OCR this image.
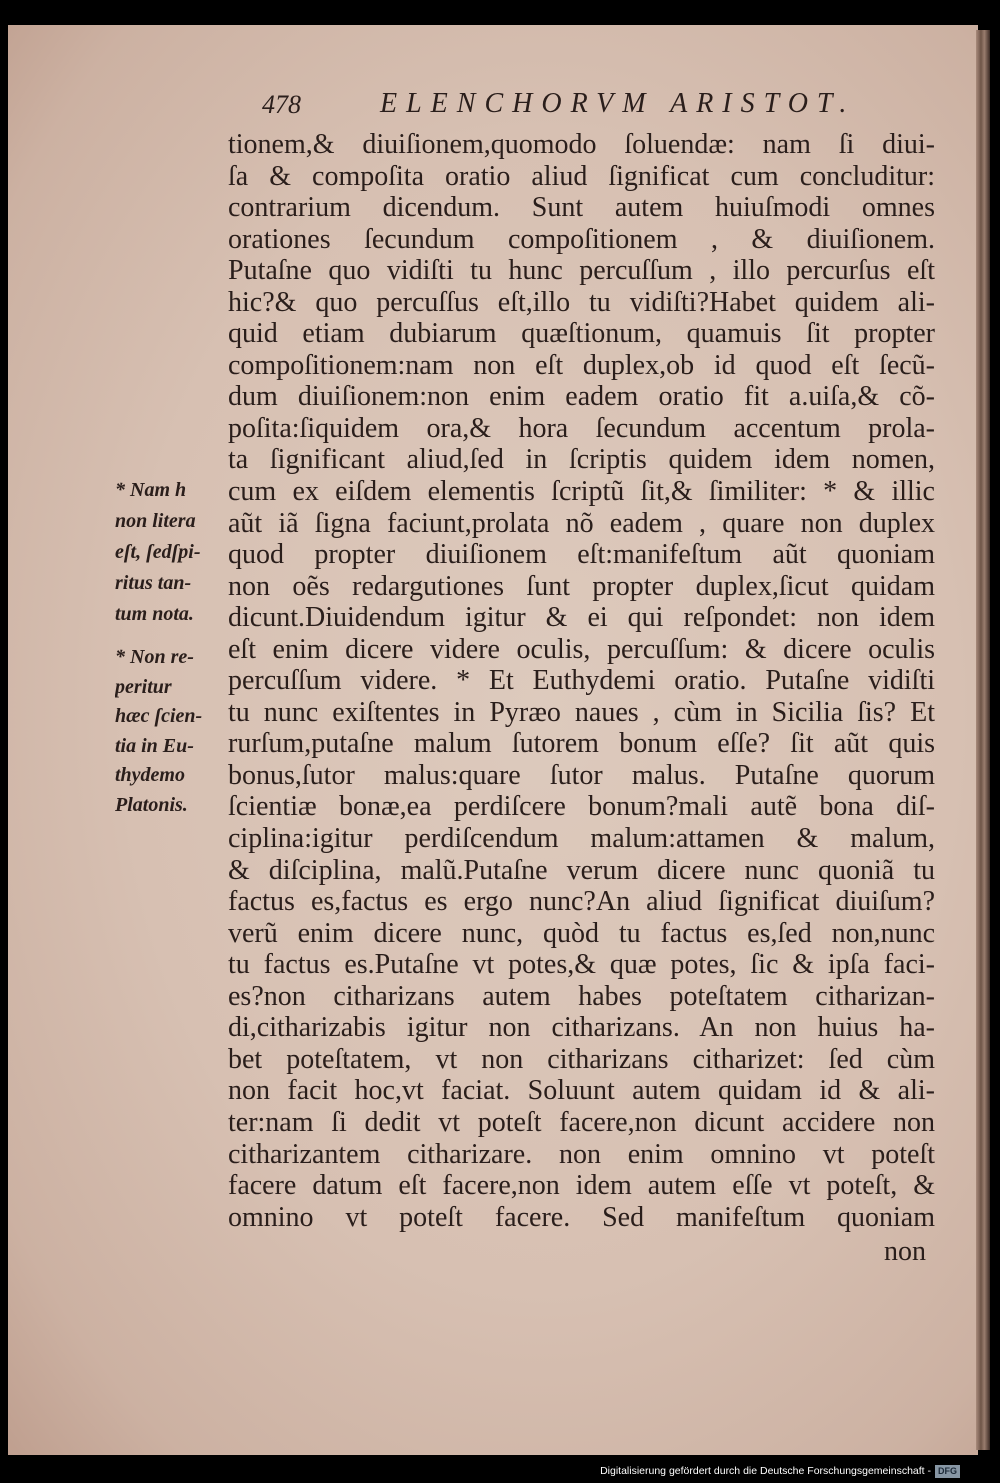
478	ELENCHORVM ARISTOT.
tionem,& diuiſionem,quomodo ſoluendæ: nam ſi diui-
ſa & compoſita oratio aliud ſignificat cum concluditur:
contrarium dicendum. Sunt autem huiuſmodi omnes
orationes ſecundum compoſitionem , & diuiſionem.
Putaſne quo vidiſti tu hunc percuſſum , illo percurſus eſt
hic?& quo percuſſus eſt,illo tu vidiſti?Habet quidem ali-
quid etiam dubiarum quæſtionum, quamuis ſit propter
compoſitionem:nam non eſt duplex,ob id quod eſt ſecũ-
dum diuiſionem:non enim eadem oratio fit a.uiſa,& cõ-
poſita:ſiquidem ora,& hora ſecundum accentum prola-
ta ſignificant aliud,ſed in ſcriptis quidem idem nomen,
cum ex eiſdem elementis ſcriptũ ſit,& ſimiliter: * & illic
aũt iã ſigna faciunt,prolata nõ eadem , quare non duplex
quod propter diuiſionem eſt:manifeſtum aũt quoniam
non oẽs redargutiones ſunt propter duplex,ſicut quidam
dicunt.Diuidendum igitur & ei qui reſpondet: non idem
eſt enim dicere videre oculis, percuſſum: & dicere oculis
percuſſum videre. * Et Euthydemi oratio. Putaſne vidiſti
tu nunc exiſtentes in Pyræo naues , cùm in Sicilia ſis? Et
rurſum,putaſne malum ſutorem bonum eſſe? ſit aũt quis
bonus,ſutor malus:quare ſutor malus. Putaſne quorum
ſcientiæ bonæ,ea perdiſcere bonum?mali autẽ bona diſ-
ciplina:igitur perdiſcendum malum:attamen & malum,
& diſciplina, malũ.Putaſne verum dicere nunc quoniã tu
factus es,factus es ergo nunc?An aliud ſignificat diuiſum?
verũ enim dicere nunc, quòd tu factus es,ſed non,nunc
tu factus es.Putaſne vt potes,& quæ potes, ſic & ipſa faci-
es?non citharizans autem habes poteſtatem citharizan-
di,citharizabis igitur non citharizans. An non huius ha-
bet poteſtatem, vt non citharizans citharizet: ſed cùm
non facit hoc,vt faciat. Soluunt autem quidam id & ali-
ter:nam ſi dedit vt poteſt facere,non dicunt accidere non
citharizantem citharizare. non enim omnino vt poteſt
facere datum eſt facere,non idem autem eſſe vt poteſt, &
omnino vt poteſt facere. Sed manifeſtum quoniam
* Nam h
non litera
eſt, ſedſpi-
ritus tan-
tum nota.
* Non re-
peritur
hæc ſcien-
tia in Eu-
thydemo
Platonis.
non
Digitalisierung gefördert durch die Deutsche Forschungsgemeinschaft - DFG
